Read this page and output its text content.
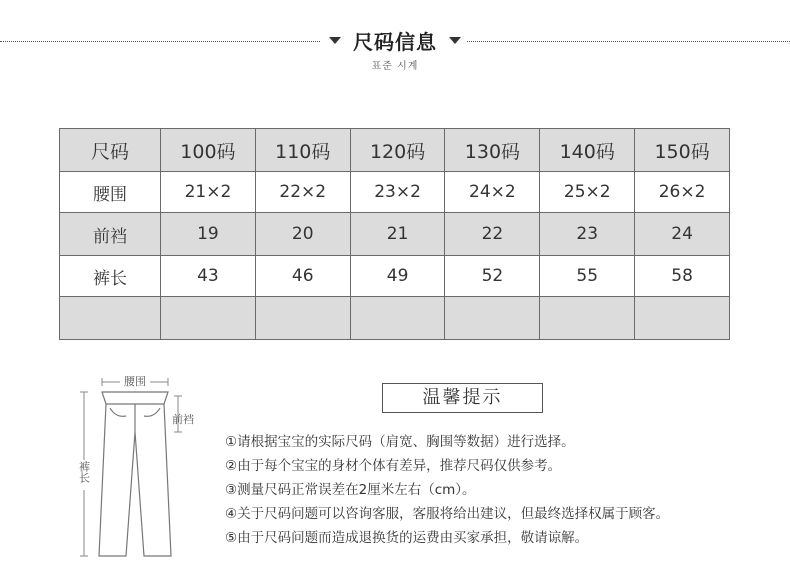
尺码信息
표준 시계
尺码	100码	110码	120码	130码	140码	150码
腰围	21×2	22×2	23×2	24×2	25×2	26×2
前裆	19	20	21	22	23	24
裤长	43	46	49	52	55	58

腰围
前裆
裤长
温馨提示
①请根据宝宝的实际尺码（肩宽、胸围等数据）进行选择。
②由于每个宝宝的身材个体有差异，推荐尺码仅供参考。
③测量尺码正常误差在2厘米左右（cm）。
④关于尺码问题可以咨询客服，客服将给出建议，但最终选择权属于顾客。
⑤由于尺码问题而造成退换货的运费由买家承担，敬请谅解。
